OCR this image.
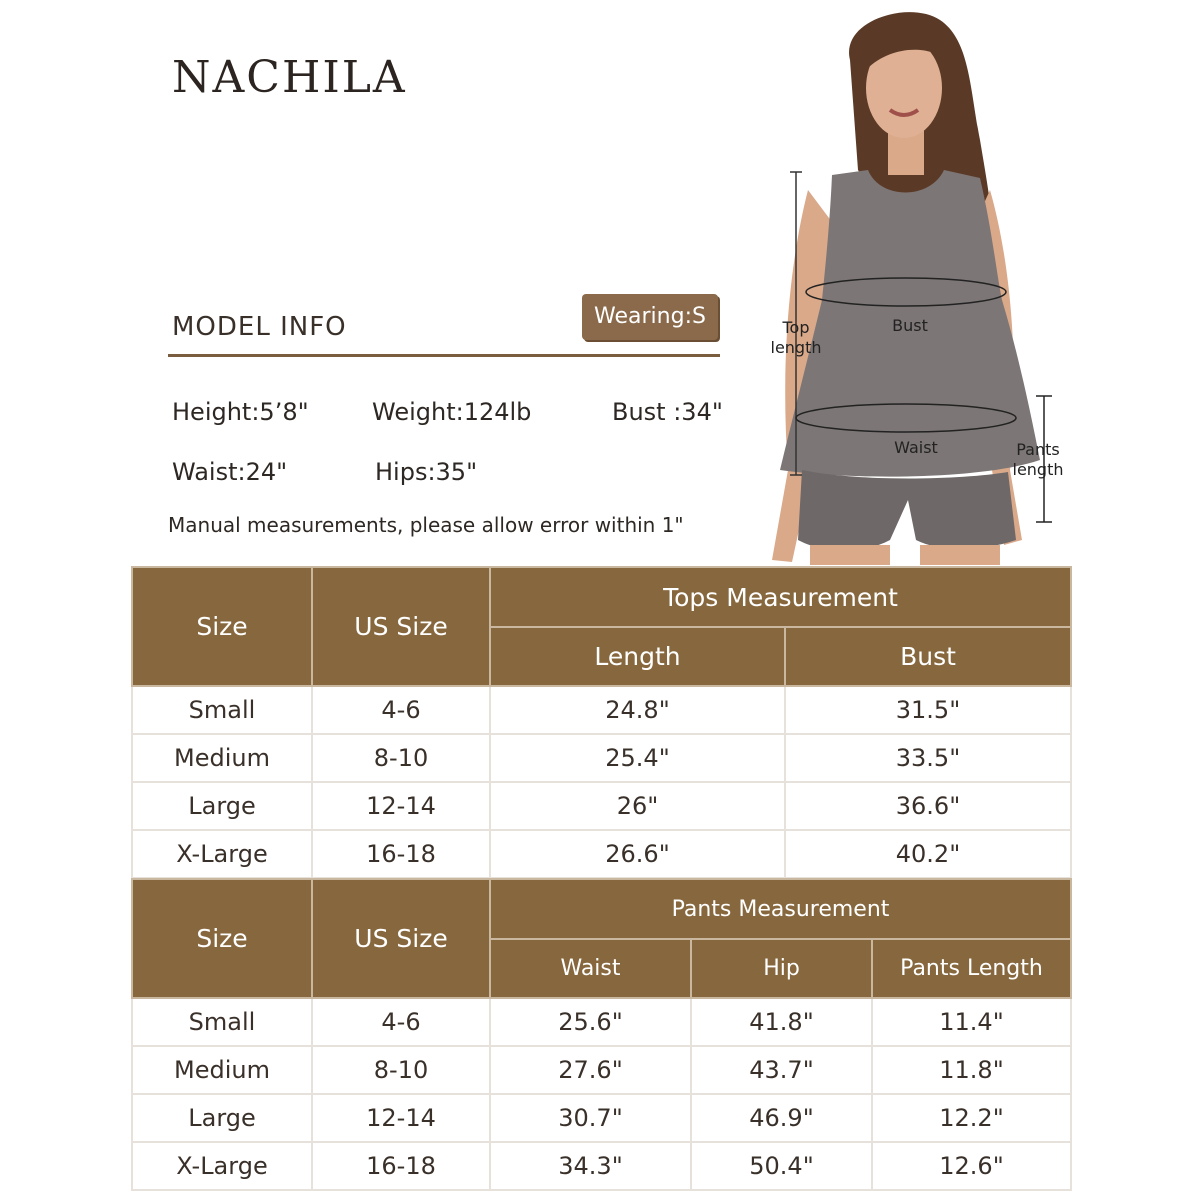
NACHILA
MODEL INFO	Wearing:S
Height:5’8"	Weight:124lb	Bust :34"
Waist:24"	Hips:35"
Manual measurements, please allow error within 1"
Top length
Bust
Waist	Pants length
Size	US Size	Tops Measurement	
		Length	Bust
Small	4-6	24.8"	31.5"
Medium	8-10	25.4"	33.5"
Large	12-14	26"	36.6"
X-Large	16-18	26.6"	40.2"
Size	US Size	Pants Measurement		
		Waist	Hip	Pants Length
Small	4-6	25.6"	41.8"	11.4"
Medium	8-10	27.6"	43.7"	11.8"
Large	12-14	30.7"	46.9"	12.2"
X-Large	16-18	34.3"	50.4"	12.6"
